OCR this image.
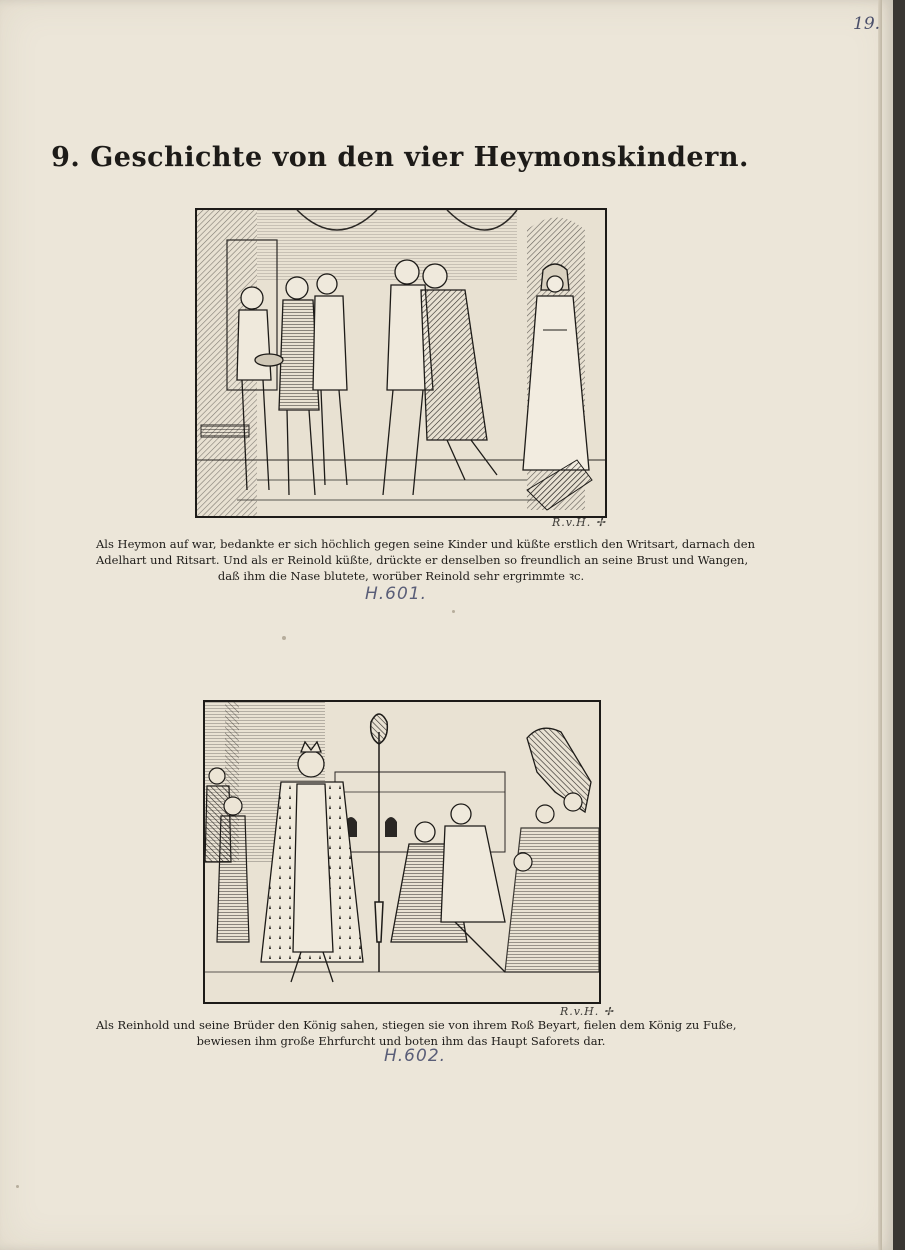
19.
9. Geschichte von den vier Heymonskindern.
R.v.H. ✢
Als Heymon auf war, bedankte er sich höchlich gegen seine Kinder und küßte erstlich den Writsart, darnach den
Adelhart und Ritsart. Und als er Reinold küßte, drückte er denselben so freundlich an seine Brust und Wangen,
daß ihm die Nase blutete, worüber Reinold sehr ergrimmte ꝛc.
H.601.
R.v.H. ✢
Als Reinhold und seine Brüder den König sahen, stiegen sie von ihrem Roß Beyart, fielen dem König zu Fuße,
bewiesen ihm große Ehrfurcht und boten ihm das Haupt Saforets dar.
H.602.
